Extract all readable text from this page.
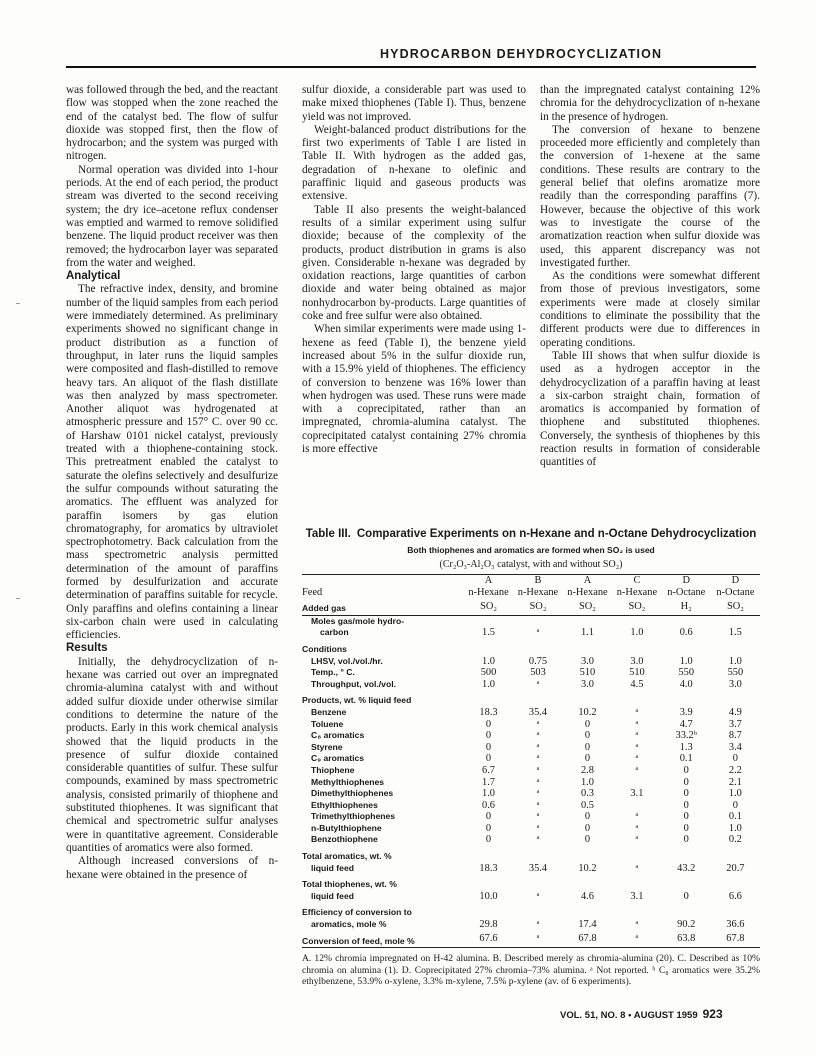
HYDROCARBON DEHYDROCYCLIZATION

was followed through the bed, and the reactant flow was stopped when the zone reached the end of the catalyst bed. The flow of sulfur dioxide was stopped first, then the flow of hydrocarbon; and the system was purged with nitrogen.

Normal operation was divided into 1-hour periods. At the end of each period, the product stream was diverted to the second receiving system; the dry ice–acetone reflux condenser was emptied and warmed to remove solidified benzene. The liquid product receiver was then removed; the hydrocarbon layer was separated from the water and weighed.

Analytical

The refractive index, density, and bromine number of the liquid samples from each period were immediately determined. As preliminary experiments showed no significant change in product distribution as a function of throughput, in later runs the liquid samples were composited and flash-distilled to remove heavy tars. An aliquot of the flash distillate was then analyzed by mass spectrometer. Another aliquot was hydrogenated at atmospheric pressure and 157° C. over 90 cc. of Harshaw 0101 nickel catalyst, previously treated with a thiophene-containing stock. This pretreatment enabled the catalyst to saturate the olefins selectively and desulfurize the sulfur compounds without saturating the aromatics. The effluent was analyzed for paraffin isomers by gas elution chromatography, for aromatics by ultraviolet spectrophotometry. Back calculation from the mass spectrometric analysis permitted determination of the amount of paraffins formed by desulfurization and accurate determination of paraffins suitable for recycle. Only paraffins and olefins containing a linear six-carbon chain were used in calculating efficiencies.

Results

Initially, the dehydrocyclization of n-hexane was carried out over an impregnated chromia-alumina catalyst with and without added sulfur dioxide under otherwise similar conditions to determine the nature of the products. Early in this work chemical analysis showed that the liquid products in the presence of sulfur dioxide contained considerable quantities of sulfur. These sulfur compounds, examined by mass spectrometric analysis, consisted primarily of thiophene and substituted thiophenes. It was significant that chemical and spectrometric sulfur analyses were in quantitative agreement. Considerable quantities of aromatics were also formed.

Although increased conversions of n-hexane were obtained in the presence of

sulfur dioxide, a considerable part was used to make mixed thiophenes (Table I). Thus, benzene yield was not improved.

Weight-balanced product distributions for the first two experiments of Table I are listed in Table II. With hydrogen as the added gas, degradation of n-hexane to olefinic and paraffinic liquid and gaseous products was extensive.

Table II also presents the weight-balanced results of a similar experiment using sulfur dioxide; because of the complexity of the products, product distribution in grams is also given. Considerable n-hexane was degraded by oxidation reactions, large quantities of carbon dioxide and water being obtained as major nonhydrocarbon by-products. Large quantities of coke and free sulfur were also obtained.

When similar experiments were made using 1-hexene as feed (Table I), the benzene yield increased about 5% in the sulfur dioxide run, with a 15.9% yield of thiophenes. The efficiency of conversion to benzene was 16% lower than when hydrogen was used. These runs were made with a coprecipitated, rather than an impregnated, chromia-alumina catalyst. The coprecipitated catalyst containing 27% chromia is more effective

than the impregnated catalyst containing 12% chromia for the dehydrocyclization of n-hexane in the presence of hydrogen.

The conversion of hexane to benzene proceeded more efficiently and completely than the conversion of 1-hexene at the same conditions. These results are contrary to the general belief that olefins aromatize more readily than the corresponding paraffins (7). However, because the objective of this work was to investigate the course of the aromatization reaction when sulfur dioxide was used, this apparent discrepancy was not investigated further.

As the conditions were somewhat different from those of previous investigators, some experiments were made at closely similar conditions to eliminate the possibility that the different products were due to differences in operating conditions.

Table III shows that when sulfur dioxide is used as a hydrogen acceptor in the dehydrocyclization of a paraffin having at least a six-carbon straight chain, formation of aromatics is accompanied by formation of thiophene and substituted thiophenes. Conversely, the synthesis of thiophenes by this reaction results in formation of considerable quantities of

Table III. Comparative Experiments on n-Hexane and n-Octane Dehydrocyclization
Both thiophenes and aromatics are formed when SO₂ is used
(Cr₂O₃-Al₂O₃ catalyst, with and without SO₂)
	A	B	A	C	D	D
Feed	n-Hexane	n-Hexane	n-Hexane	n-Hexane	n-Octane	n-Octane
Added gas	SO₂	SO₂	SO₂	SO₂	H₂	SO₂
Moles gas/mole hydro-						
carbon	1.5	ᵃ	1.1	1.0	0.6	1.5
Conditions						
LHSV, vol./vol./hr.	1.0	0.75	3.0	3.0	1.0	1.0
Temp., ° C.	500	503	510	510	550	550
Throughput, vol./vol.	1.0	ᵃ	3.0	4.5	4.0	3.0
Products, wt. % liquid feed						
Benzene	18.3	35.4	10.2	ᵃ	3.9	4.9
Toluene	0	ᵃ	0	ᵃ	4.7	3.7
C₈ aromatics	0	ᵃ	0	ᵃ	33.2ᵇ	8.7
Styrene	0	ᵃ	0	ᵃ	1.3	3.4
C₉ aromatics	0	ᵃ	0	ᵃ	0.1	0
Thiophene	6.7	ᵃ	2.8	ᵃ	0	2.2
Methylthiophenes	1.7	ᵃ	1.0		0	2.1
Dimethylthiophenes	1.0	ᵃ	0.3	3.1	0	1.0
Ethylthiophenes	0.6	ᵃ	0.5		0	0
Trimethylthiophenes	0	ᵃ	0	ᵃ	0	0.1
n-Butylthiophene	0	ᵃ	0	ᵃ	0	1.0
Benzothiophene	0	ᵃ	0	ᵃ	0	0.2
Total aromatics, wt. %						
liquid feed	18.3	35.4	10.2	ᵃ	43.2	20.7
Total thiophenes, wt. %						
liquid feed	10.0	ᵃ	4.6	3.1	0	6.6
Efficiency of conversion to						
aromatics, mole %	29.8	ᵃ	17.4	ᵃ	90.2	36.6
Conversion of feed, mole %	67.6	ᵃ	67.8	ᵃ	63.8	67.8
A. 12% chromia impregnated on H-42 alumina. B. Described merely as chromia-alumina (20). C. Described as 10% chromia on alumina (1). D. Coprecipitated 27% chromia–73% alumina. ᵃ Not reported. ᵇ C₈ aromatics were 35.2% ethylbenzene, 53.9% o-xylene, 3.3% m-xylene, 7.5% p-xylene (av. of 6 experiments).
VOL. 51, NO. 8 • AUGUST 1959 923
